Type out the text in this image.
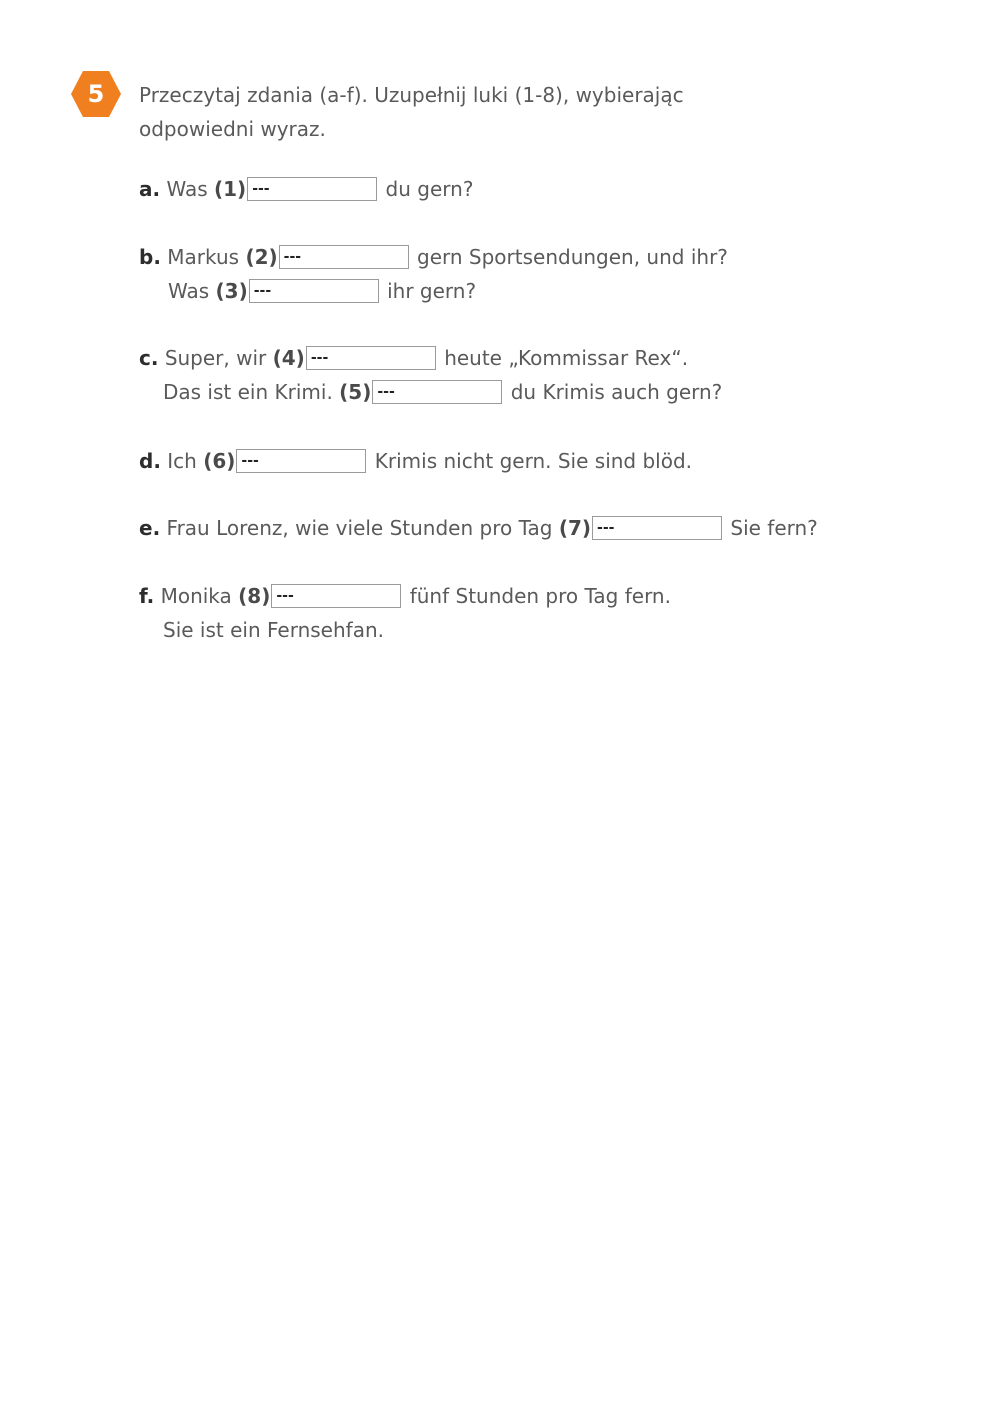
5	Przeczytaj zdania (a-f). Uzupełnij luki (1-8), wybierając odpowiedni wyraz.
a. Was (1) ---	du gern?
b. Markus (2) ---	gern Sportsendungen, und ihr?
Was (3) ---	ihr gern?
c. Super, wir (4) ---	heute „Kommissar Rex“.
Das ist ein Krimi. (5) ---	du Krimis auch gern?
d. Ich (6) ---	Krimis nicht gern. Sie sind blöd.
e. Frau Lorenz, wie viele Stunden pro Tag (7) ---	Sie fern?
f. Monika (8) ---	fünf Stunden pro Tag fern.
Sie ist ein Fernsehfan.
